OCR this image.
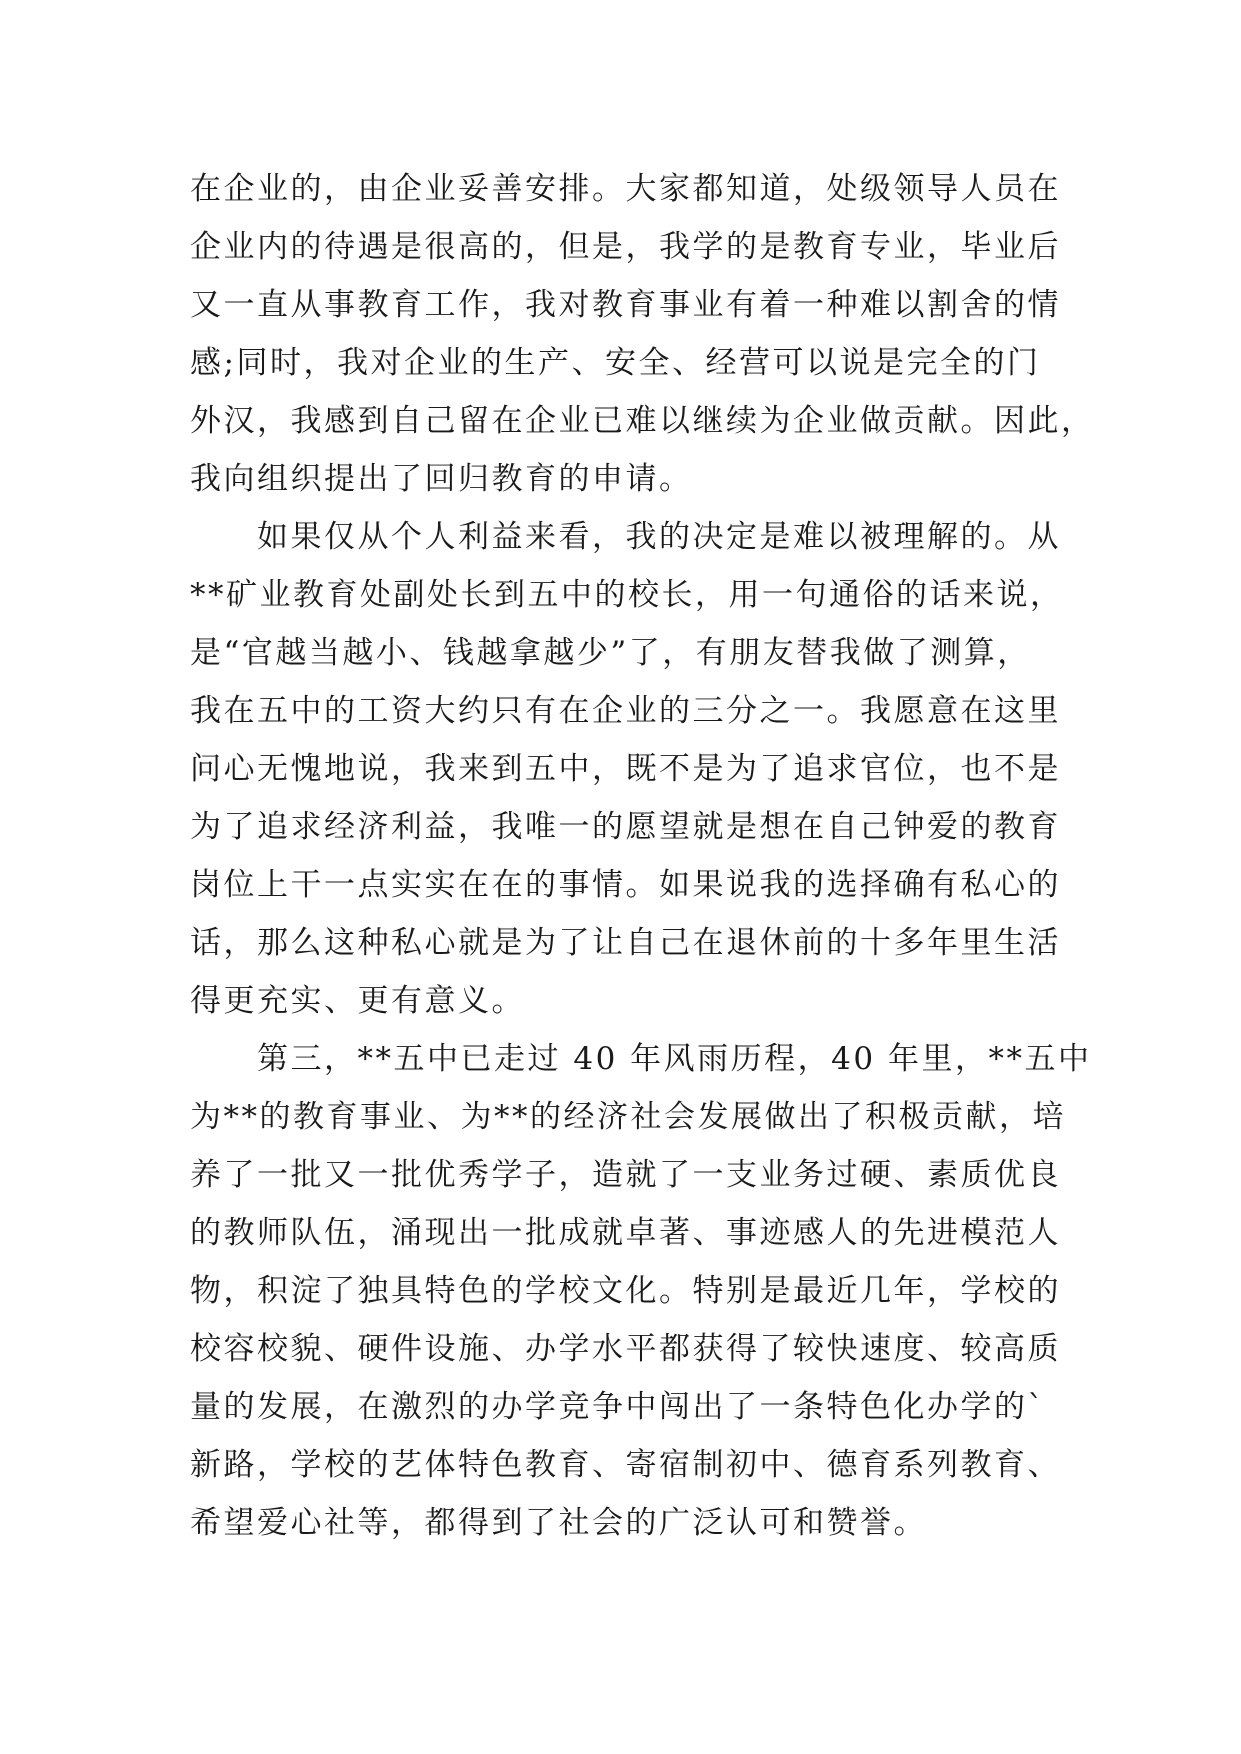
在企业的，由企业妥善安排。大家都知道，处级领导人员在
企业内的待遇是很高的，但是，我学的是教育专业，毕业后
又一直从事教育工作，我对教育事业有着一种难以割舍的情
感;同时，我对企业的生产、安全、经营可以说是完全的门
外汉，我感到自己留在企业已难以继续为企业做贡献。因此，
我向组织提出了回归教育的申请。
　　如果仅从个人利益来看，我的决定是难以被理解的。从
**矿业教育处副处长到五中的校长，用一句通俗的话来说，
是“官越当越小、钱越拿越少”了，有朋友替我做了测算，
我在五中的工资大约只有在企业的三分之一。我愿意在这里
问心无愧地说，我来到五中，既不是为了追求官位，也不是
为了追求经济利益，我唯一的愿望就是想在自己钟爱的教育
岗位上干一点实实在在的事情。如果说我的选择确有私心的
话，那么这种私心就是为了让自己在退休前的十多年里生活
得更充实、更有意义。
　　第三，**五中已走过 40 年风雨历程，40 年里，**五中
为**的教育事业、为**的经济社会发展做出了积极贡献，培
养了一批又一批优秀学子，造就了一支业务过硬、素质优良
的教师队伍，涌现出一批成就卓著、事迹感人的先进模范人
物，积淀了独具特色的学校文化。特别是最近几年，学校的
校容校貌、硬件设施、办学水平都获得了较快速度、较高质
量的发展，在激烈的办学竞争中闯出了一条特色化办学的`
新路，学校的艺体特色教育、寄宿制初中、德育系列教育、
希望爱心社等，都得到了社会的广泛认可和赞誉。
